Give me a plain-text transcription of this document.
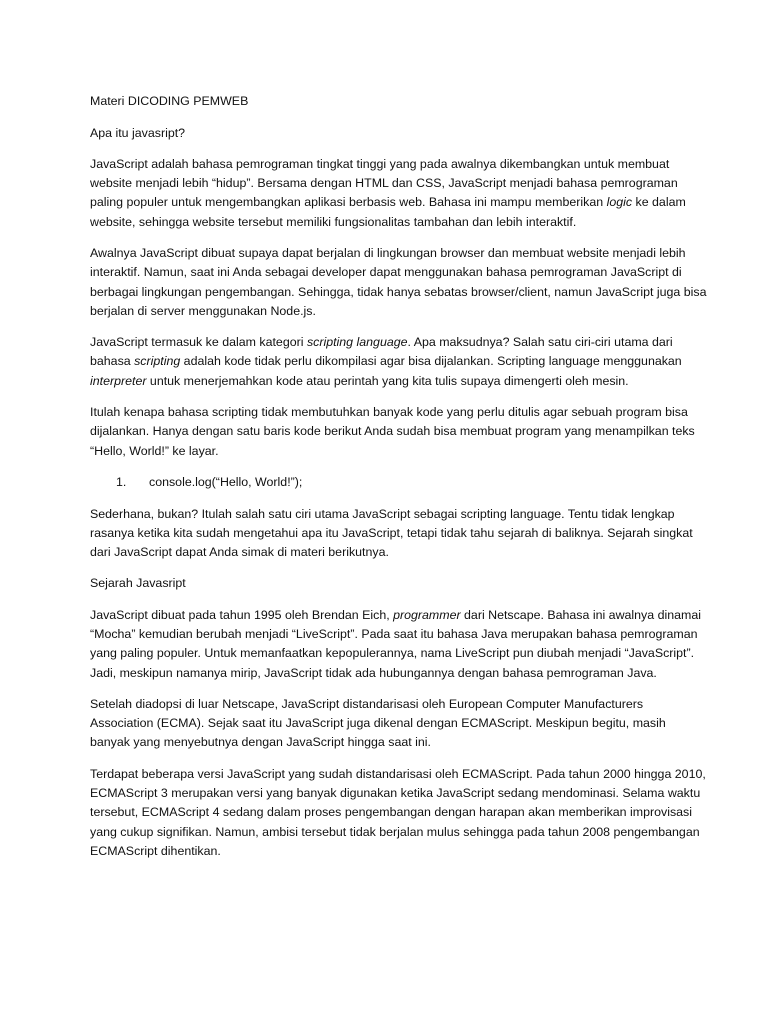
Materi DICODING PEMWEB

Apa itu javasript?

JavaScript adalah bahasa pemrograman tingkat tinggi yang pada awalnya dikembangkan untuk membuat website menjadi lebih “hidup”. Bersama dengan HTML dan CSS, JavaScript menjadi bahasa pemrograman paling populer untuk mengembangkan aplikasi berbasis web. Bahasa ini mampu memberikan logic ke dalam website, sehingga website tersebut memiliki fungsionalitas tambahan dan lebih interaktif.

Awalnya JavaScript dibuat supaya dapat berjalan di lingkungan browser dan membuat website menjadi lebih interaktif. Namun, saat ini Anda sebagai developer dapat menggunakan bahasa pemrograman JavaScript di berbagai lingkungan pengembangan. Sehingga, tidak hanya sebatas browser/client, namun JavaScript juga bisa berjalan di server menggunakan Node.js.

JavaScript termasuk ke dalam kategori scripting language. Apa maksudnya? Salah satu ciri-ciri utama dari bahasa scripting adalah kode tidak perlu dikompilasi agar bisa dijalankan. Scripting language menggunakan interpreter untuk menerjemahkan kode atau perintah yang kita tulis supaya dimengerti oleh mesin.

Itulah kenapa bahasa scripting tidak membutuhkan banyak kode yang perlu ditulis agar sebuah program bisa dijalankan. Hanya dengan satu baris kode berikut Anda sudah bisa membuat program yang menampilkan teks “Hello, World!” ke layar.

1. console.log(“Hello, World!”);

Sederhana, bukan? Itulah salah satu ciri utama JavaScript sebagai scripting language. Tentu tidak lengkap rasanya ketika kita sudah mengetahui apa itu JavaScript, tetapi tidak tahu sejarah di baliknya. Sejarah singkat dari JavaScript dapat Anda simak di materi berikutnya.

Sejarah Javasript

JavaScript dibuat pada tahun 1995 oleh Brendan Eich, programmer dari Netscape. Bahasa ini awalnya dinamai “Mocha” kemudian berubah menjadi “LiveScript”. Pada saat itu bahasa Java merupakan bahasa pemrograman yang paling populer. Untuk memanfaatkan kepopulerannya, nama LiveScript pun diubah menjadi “JavaScript”. Jadi, meskipun namanya mirip, JavaScript tidak ada hubungannya dengan bahasa pemrograman Java.

Setelah diadopsi di luar Netscape, JavaScript distandarisasi oleh European Computer Manufacturers Association (ECMA). Sejak saat itu JavaScript juga dikenal dengan ECMAScript. Meskipun begitu, masih banyak yang menyebutnya dengan JavaScript hingga saat ini.

Terdapat beberapa versi JavaScript yang sudah distandarisasi oleh ECMAScript. Pada tahun 2000 hingga 2010, ECMAScript 3 merupakan versi yang banyak digunakan ketika JavaScript sedang mendominasi. Selama waktu tersebut, ECMAScript 4 sedang dalam proses pengembangan dengan harapan akan memberikan improvisasi yang cukup signifikan. Namun, ambisi tersebut tidak berjalan mulus sehingga pada tahun 2008 pengembangan ECMAScript dihentikan.
